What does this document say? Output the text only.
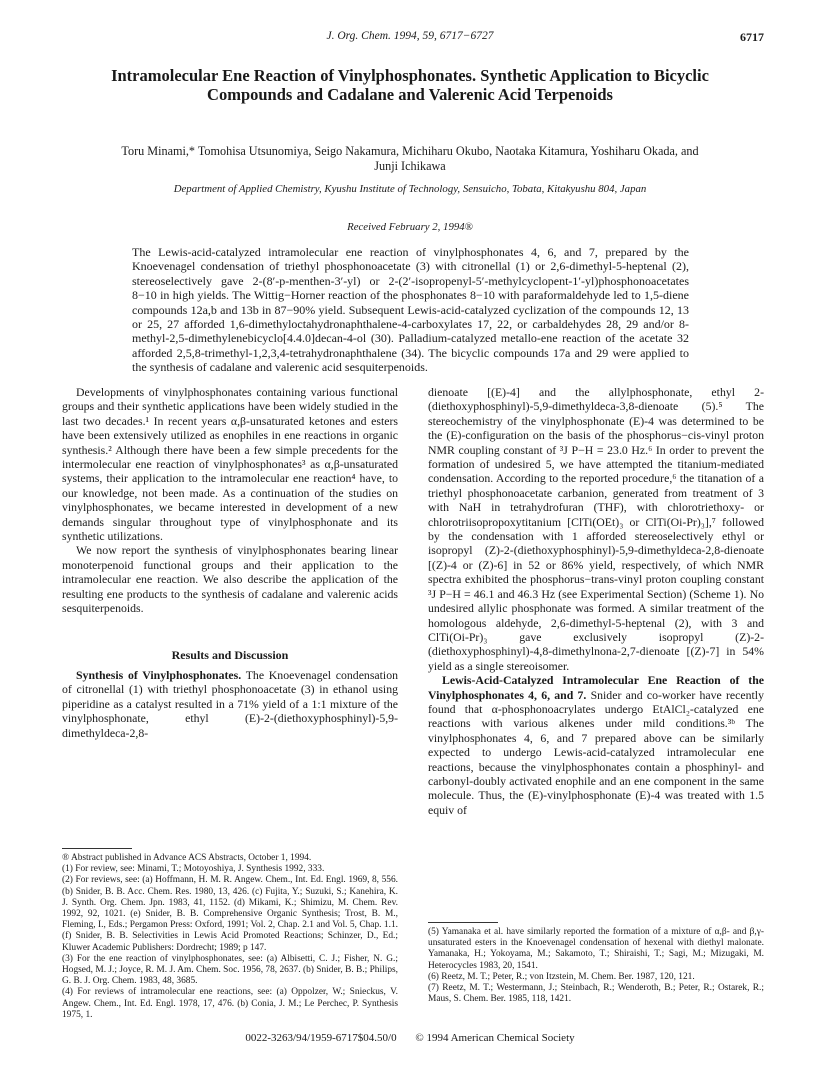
J. Org. Chem. 1994, 59, 6717−6727	6717
Intramolecular Ene Reaction of Vinylphosphonates. Synthetic Application to Bicyclic Compounds and Cadalane and Valerenic Acid Terpenoids
Toru Minami,* Tomohisa Utsunomiya, Seigo Nakamura, Michiharu Okubo, Naotaka Kitamura, Yoshiharu Okada, and Junji Ichikawa
Department of Applied Chemistry, Kyushu Institute of Technology, Sensuicho, Tobata, Kitakyushu 804, Japan
Received February 2, 1994®
The Lewis-acid-catalyzed intramolecular ene reaction of vinylphosphonates 4, 6, and 7, prepared by the Knoevenagel condensation of triethyl phosphonoacetate (3) with citronellal (1) or 2,6-dimethyl-5-heptenal (2), stereoselectively gave 2-(8′-p-menthen-3′-yl) or 2-(2′-isopropenyl-5′-methylcyclopent-1′-yl)phosphonoacetates 8−10 in high yields. The Wittig−Horner reaction of the phosphonates 8−10 with paraformaldehyde led to 1,5-diene compounds 12a,b and 13b in 87−90% yield. Subsequent Lewis-acid-catalyzed cyclization of the compounds 12, 13 or 25, 27 afforded 1,6-dimethyloctahydronaphthalene-4-carboxylates 17, 22, or carbaldehydes 28, 29 and/or 8-methyl-2,5-dimethylenebicyclo[4.4.0]decan-4-ol (30). Palladium-catalyzed metallo-ene reaction of the acetate 32 afforded 2,5,8-trimethyl-1,2,3,4-tetrahydronaphthalene (34). The bicyclic compounds 17a and 29 were applied to the synthesis of cadalane and valerenic acid sesquiterpenoids.

Developments of vinylphosphonates containing various functional groups and their synthetic applications have been widely studied in the last two decades.¹ In recent years α,β-unsaturated ketones and esters have been extensively utilized as enophiles in ene reactions in organic synthesis.² Although there have been a few simple precedents for the intermolecular ene reaction of vinylphosphonates³ as α,β-unsaturated systems, their application to the intramolecular ene reaction⁴ have, to our knowledge, not been made. As a continuation of the studies on vinylphosphonates, we became interested in development of a new demands singular throughout type of vinylphosphonate and its synthetic utilizations.

We now report the synthesis of vinylphosphonates bearing linear monoterpenoid functional groups and their application to the intramolecular ene reaction. We also describe the application of the resulting ene products to the synthesis of cadalane and valerenic acids sesquiterpenoids.

Results and Discussion

Synthesis of Vinylphosphonates. The Knoevenagel condensation of citronellal (1) with triethyl phosphonoacetate (3) in ethanol using piperidine as a catalyst resulted in a 71% yield of a 1:1 mixture of the vinylphosphonate, ethyl (E)-2-(diethoxyphosphinyl)-5,9-dimethyldeca-2,8-

® Abstract published in Advance ACS Abstracts, October 1, 1994.

(1) For review, see: Minami, T.; Motoyoshiya, J. Synthesis 1992, 333.

(2) For reviews, see: (a) Hoffmann, H. M. R. Angew. Chem., Int. Ed. Engl. 1969, 8, 556. (b) Snider, B. B. Acc. Chem. Res. 1980, 13, 426. (c) Fujita, Y.; Suzuki, S.; Kanehira, K. J. Synth. Org. Chem. Jpn. 1983, 41, 1152. (d) Mikami, K.; Shimizu, M. Chem. Rev. 1992, 92, 1021. (e) Snider, B. B. Comprehensive Organic Synthesis; Trost, B. M., Fleming, I., Eds.; Pergamon Press: Oxford, 1991; Vol. 2, Chap. 2.1 and Vol. 5, Chap. 1.1. (f) Snider, B. B. Selectivities in Lewis Acid Promoted Reactions; Schinzer, D., Ed.; Kluwer Academic Publishers: Dordrecht; 1989; p 147.

(3) For the ene reaction of vinylphosphonates, see: (a) Albisetti, C. J.; Fisher, N. G.; Hogsed, M. J.; Joyce, R. M. J. Am. Chem. Soc. 1956, 78, 2637. (b) Snider, B. B.; Philips, G. B. J. Org. Chem. 1983, 48, 3685.

(4) For reviews of intramolecular ene reactions, see: (a) Oppolzer, W.; Snieckus, V. Angew. Chem., Int. Ed. Engl. 1978, 17, 476. (b) Conia, J. M.; Le Perchec, P. Synthesis 1975, 1.

dienoate [(E)-4] and the allylphosphonate, ethyl 2-(diethoxyphosphinyl)-5,9-dimethyldeca-3,8-dienoate (5).⁵ The stereochemistry of the vinylphosphonate (E)-4 was determined to be the (E)-configuration on the basis of the phosphorus−cis-vinyl proton NMR coupling constant of ³J P−H = 23.0 Hz.⁶ In order to prevent the formation of undesired 5, we have attempted the titanium-mediated condensation. According to the reported procedure,⁶ the titanation of a triethyl phosphonoacetate carbanion, generated from treatment of 3 with NaH in tetrahydrofuran (THF), with chlorotriethoxy- or chlorotriisopropoxytitanium [ClTi(OEt)₃ or ClTi(Oi-Pr)₃],⁷ followed by the condensation with 1 afforded stereoselectively ethyl or isopropyl (Z)-2-(diethoxyphosphinyl)-5,9-dimethyldeca-2,8-dienoate [(Z)-4 or (Z)-6] in 52 or 86% yield, respectively, of which NMR spectra exhibited the phosphorus−trans-vinyl proton coupling constant ³J P−H = 46.1 and 46.3 Hz (see Experimental Section) (Scheme 1). No undesired allylic phosphonate was formed. A similar treatment of the homologous aldehyde, 2,6-dimethyl-5-heptenal (2), with 3 and ClTi(Oi-Pr)₃ gave exclusively isopropyl (Z)-2-(diethoxyphosphinyl)-4,8-dimethylnona-2,7-dienoate [(Z)-7] in 54% yield as a single stereoisomer.

Lewis-Acid-Catalyzed Intramolecular Ene Reaction of the Vinylphosphonates 4, 6, and 7. Snider and co-worker have recently found that α-phosphonoacrylates undergo EtAlCl₂-catalyzed ene reactions with various alkenes under mild conditions.³ᵇ The vinylphosphonates 4, 6, and 7 prepared above can be similarly expected to undergo Lewis-acid-catalyzed intramolecular ene reactions, because the vinylphosphonates contain a phosphinyl- and carbonyl-doubly activated enophile and an ene component in the same molecule. Thus, the (E)-vinylphosphonate (E)-4 was treated with 1.5 equiv of

(5) Yamanaka et al. have similarly reported the formation of a mixture of α,β- and β,γ-unsaturated esters in the Knoevenagel condensation of hexenal with diethyl malonate. Yamanaka, H.; Yokoyama, M.; Sakamoto, T.; Shiraishi, T.; Sagi, M.; Mizugaki, M. Heterocycles 1983, 20, 1541.

(6) Reetz, M. T.; Peter, R.; von Itzstein, M. Chem. Ber. 1987, 120, 121.

(7) Reetz, M. T.; Westermann, J.; Steinbach, R.; Wenderoth, B.; Peter, R.; Ostarek, R.; Maus, S. Chem. Ber. 1985, 118, 1421.

0022-3263/94/1959-6717$04.50/0 © 1994 American Chemical Society
